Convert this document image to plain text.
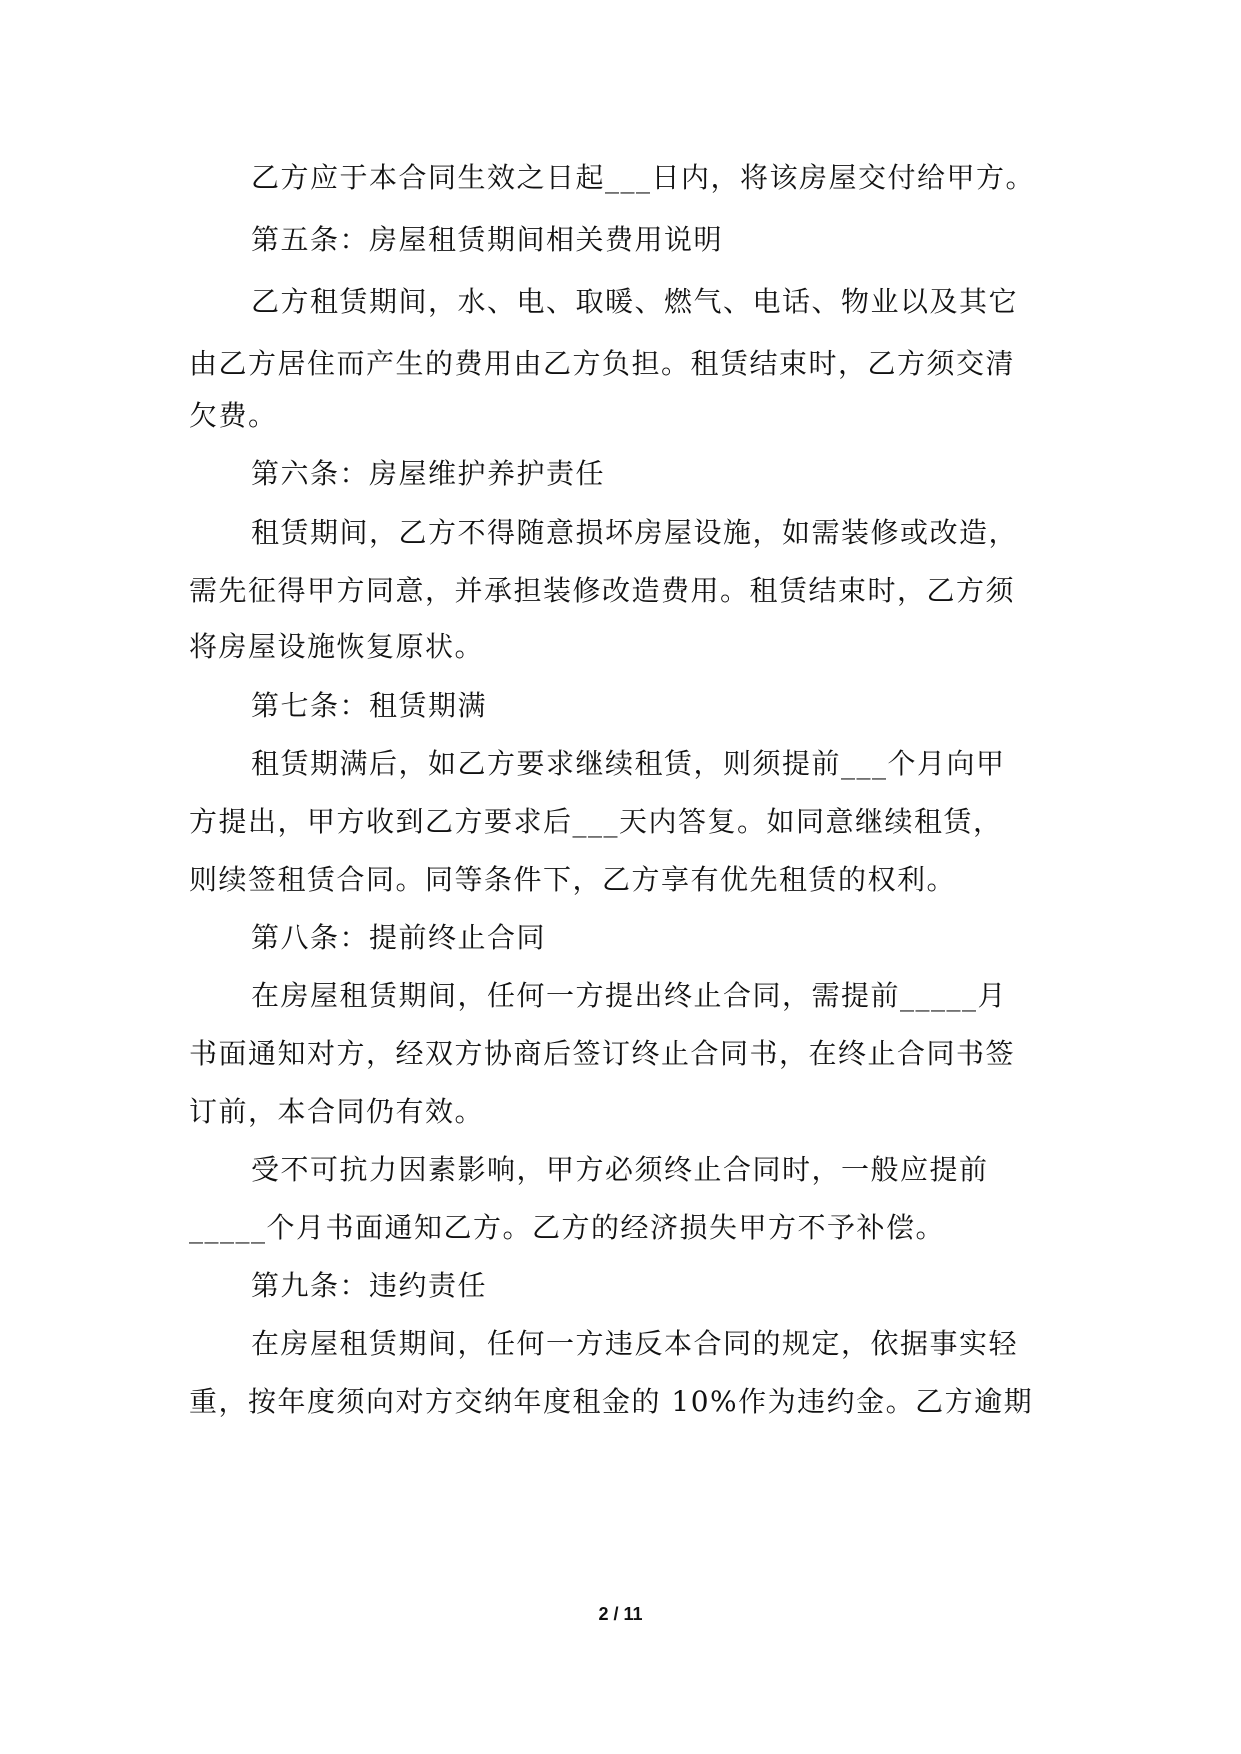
乙方应于本合同生效之日起___日内，将该房屋交付给甲方。
第五条：房屋租赁期间相关费用说明
乙方租赁期间，水、电、取暖、燃气、电话、物业以及其它
由乙方居住而产生的费用由乙方负担。租赁结束时，乙方须交清
欠费。
第六条：房屋维护养护责任
租赁期间，乙方不得随意损坏房屋设施，如需装修或改造，
需先征得甲方同意，并承担装修改造费用。租赁结束时，乙方须
将房屋设施恢复原状。
第七条：租赁期满
租赁期满后，如乙方要求继续租赁，则须提前___个月向甲
方提出，甲方收到乙方要求后___天内答复。如同意继续租赁，
则续签租赁合同。同等条件下，乙方享有优先租赁的权利。
第八条：提前终止合同
在房屋租赁期间，任何一方提出终止合同，需提前_____月
书面通知对方，经双方协商后签订终止合同书，在终止合同书签
订前，本合同仍有效。
受不可抗力因素影响，甲方必须终止合同时，一般应提前
_____个月书面通知乙方。乙方的经济损失甲方不予补偿。
第九条：违约责任
在房屋租赁期间，任何一方违反本合同的规定，依据事实轻
重，按年度须向对方交纳年度租金的 10%作为违约金。乙方逾期
2 / 11
